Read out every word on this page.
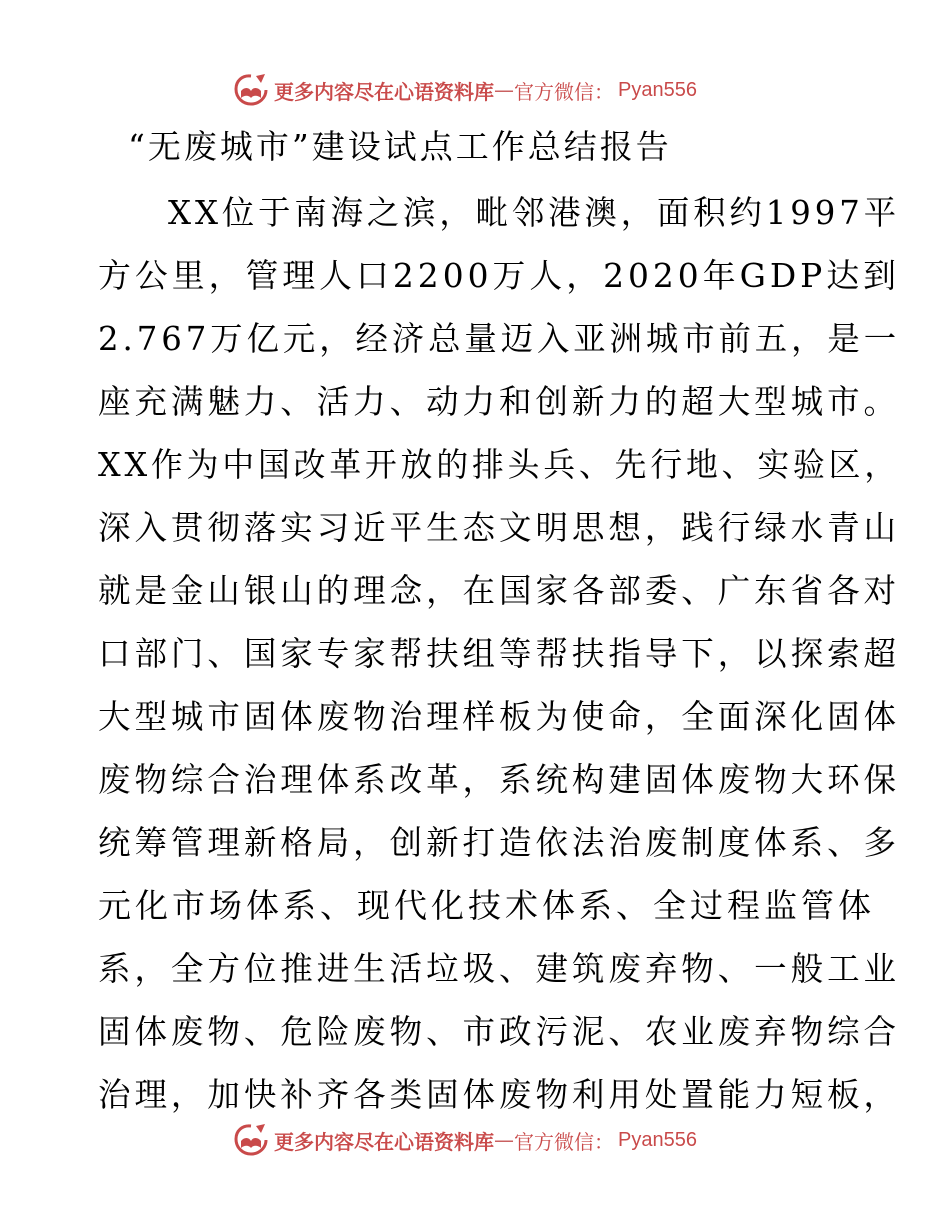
更多内容尽在心语资料库 — 官方微信： Pyan556
“无废城市”建设试点工作总结报告
XX位于南海之滨，毗邻港澳，面积约1997平
方公里，管理人口2200万人，2020年GDP达到
2.767万亿元，经济总量迈入亚洲城市前五，是一
座充满魅力、活力、动力和创新力的超大型城市。
XX作为中国改革开放的排头兵、先行地、实验区，
深入贯彻落实习近平生态文明思想，践行绿水青山
就是金山银山的理念，在国家各部委、广东省各对
口部门、国家专家帮扶组等帮扶指导下，以探索超
大型城市固体废物治理样板为使命，全面深化固体
废物综合治理体系改革，系统构建固体废物大环保
统筹管理新格局，创新打造依法治废制度体系、多
元化市场体系、现代化技术体系、全过程监管体
系，全方位推进生活垃圾、建筑废弃物、一般工业
固体废物、危险废物、市政污泥、农业废弃物综合
治理，加快补齐各类固体废物利用处置能力短板，
更多内容尽在心语资料库 — 官方微信： Pyan556
